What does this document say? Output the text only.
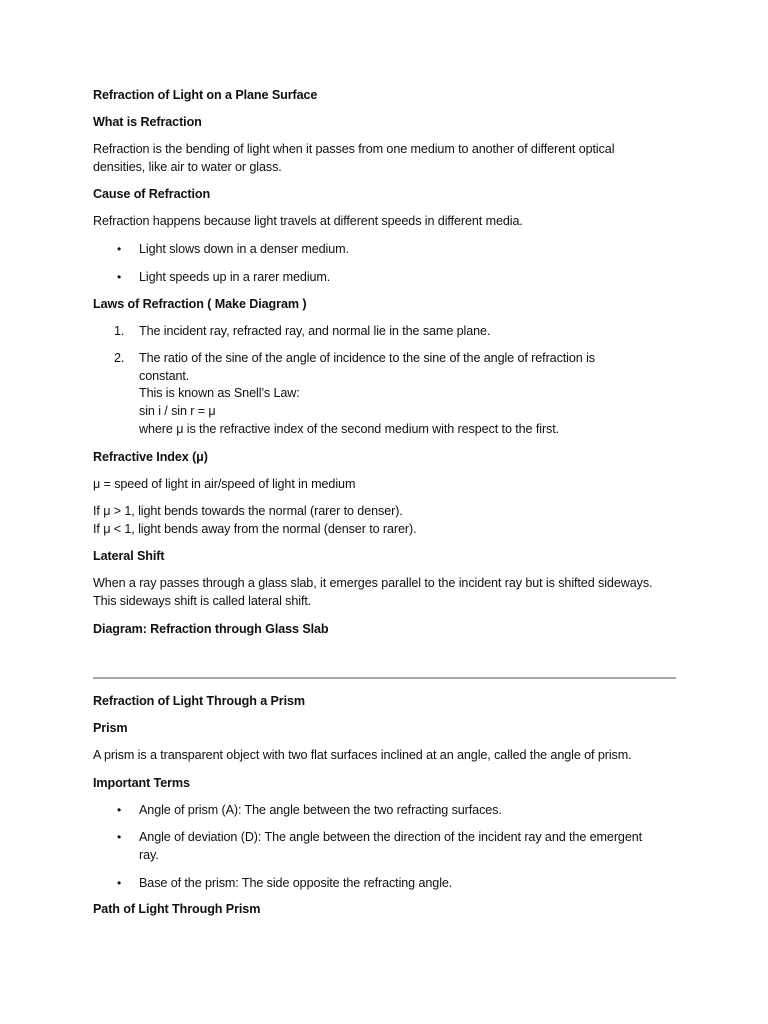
Refraction of Light on a Plane Surface
What is Refraction
Refraction is the bending of light when it passes from one medium to another of different optical
densities, like air to water or glass.
Cause of Refraction
Refraction happens because light travels at different speeds in different media.
• Light slows down in a denser medium.
• Light speeds up in a rarer medium.
Laws of Refraction ( Make Diagram )
1. The incident ray, refracted ray, and normal lie in the same plane.
2. The ratio of the sine of the angle of incidence to the sine of the angle of refraction is
constant.
This is known as Snell’s Law:
sin i / sin r = μ
where μ is the refractive index of the second medium with respect to the first.
Refractive Index (μ)
μ = speed of light in air/speed of light in medium
If μ > 1, light bends towards the normal (rarer to denser).
If μ < 1, light bends away from the normal (denser to rarer).
Lateral Shift
When a ray passes through a glass slab, it emerges parallel to the incident ray but is shifted sideways.
This sideways shift is called lateral shift.
Diagram: Refraction through Glass Slab
Refraction of Light Through a Prism
Prism
A prism is a transparent object with two flat surfaces inclined at an angle, called the angle of prism.
Important Terms
• Angle of prism (A): The angle between the two refracting surfaces.
• Angle of deviation (D): The angle between the direction of the incident ray and the emergent
ray.
• Base of the prism: The side opposite the refracting angle.
Path of Light Through Prism
